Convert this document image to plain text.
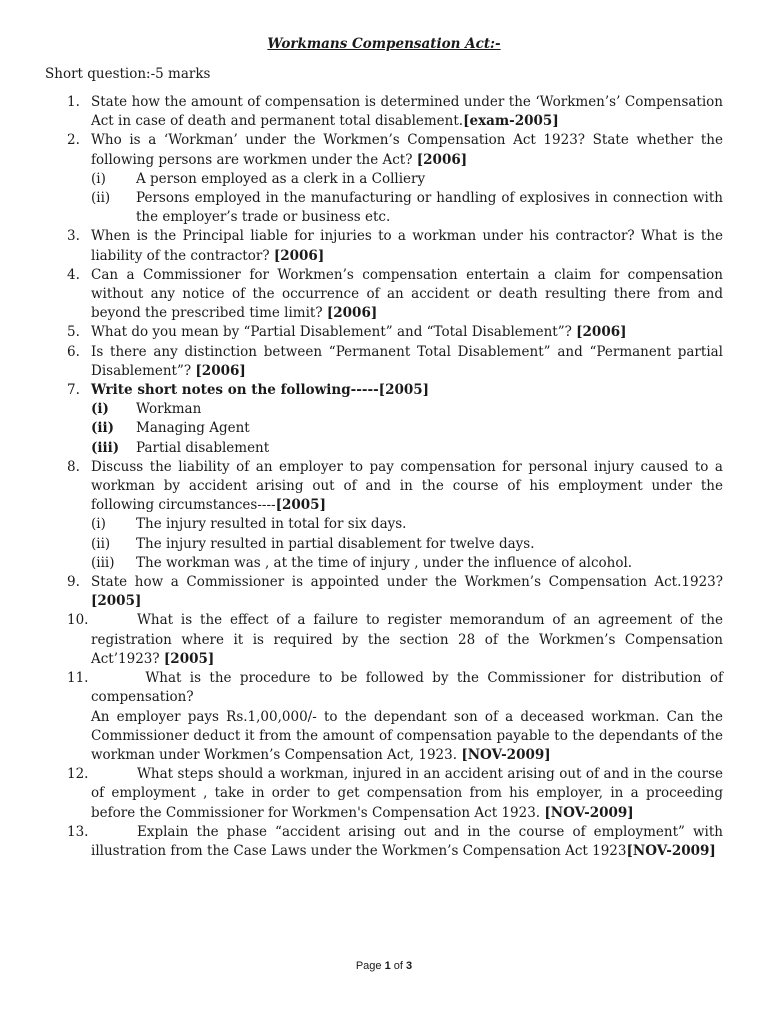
Workmans Compensation Act:-
Short question:-5 marks
1. State how the amount of compensation is determined under the ‘Workmen’s’ Compensation Act in case of death and permanent total disablement.[exam-2005]
2. Who is a ‘Workman’ under the Workmen’s Compensation Act 1923? State whether the following persons are workmen under the Act? [2006]
(i) A person employed as a clerk in a Colliery
(ii) Persons employed in the manufacturing or handling of explosives in connection with the employer’s trade or business etc.
3. When is the Principal liable for injuries to a workman under his contractor? What is the liability of the contractor? [2006]
4. Can a Commissioner for Workmen’s compensation entertain a claim for compensation without any notice of the occurrence of an accident or death resulting there from and beyond the prescribed time limit? [2006]
5. What do you mean by “Partial Disablement” and “Total Disablement”? [2006]
6. Is there any distinction between “Permanent Total Disablement” and “Permanent partial Disablement”? [2006]
7. Write short notes on the following-----[2005]
(i) Workman
(ii) Managing Agent
(iii) Partial disablement
8. Discuss the liability of an employer to pay compensation for personal injury caused to a workman by accident arising out of and in the course of his employment under the following circumstances----[2005]
(i) The injury resulted in total for six days.
(ii) The injury resulted in partial disablement for twelve days.
(iii) The workman was , at the time of injury , under the influence of alcohol.
9. State how a Commissioner is appointed under the Workmen’s Compensation Act.1923? [2005]
10.	What is the effect of a failure to register memorandum of an agreement of the registration where it is required by the section 28 of the Workmen’s Compensation Act’1923? [2005]
11.	What is the procedure to be followed by the Commissioner for distribution of compensation?
An employer pays Rs.1,00,000/- to the dependant son of a deceased workman. Can the Commissioner deduct it from the amount of compensation payable to the dependants of the workman under Workmen’s Compensation Act, 1923. [NOV-2009]
12.	What steps should a workman, injured in an accident arising out of and in the course of employment , take in order to get compensation from his employer, in a proceeding before the Commissioner for Workmen's Compensation Act 1923. [NOV-2009]
13.	Explain the phase “accident arising out and in the course of employment” with illustration from the Case Laws under the Workmen’s Compensation Act 1923[NOV-2009]
Page 1 of 3
